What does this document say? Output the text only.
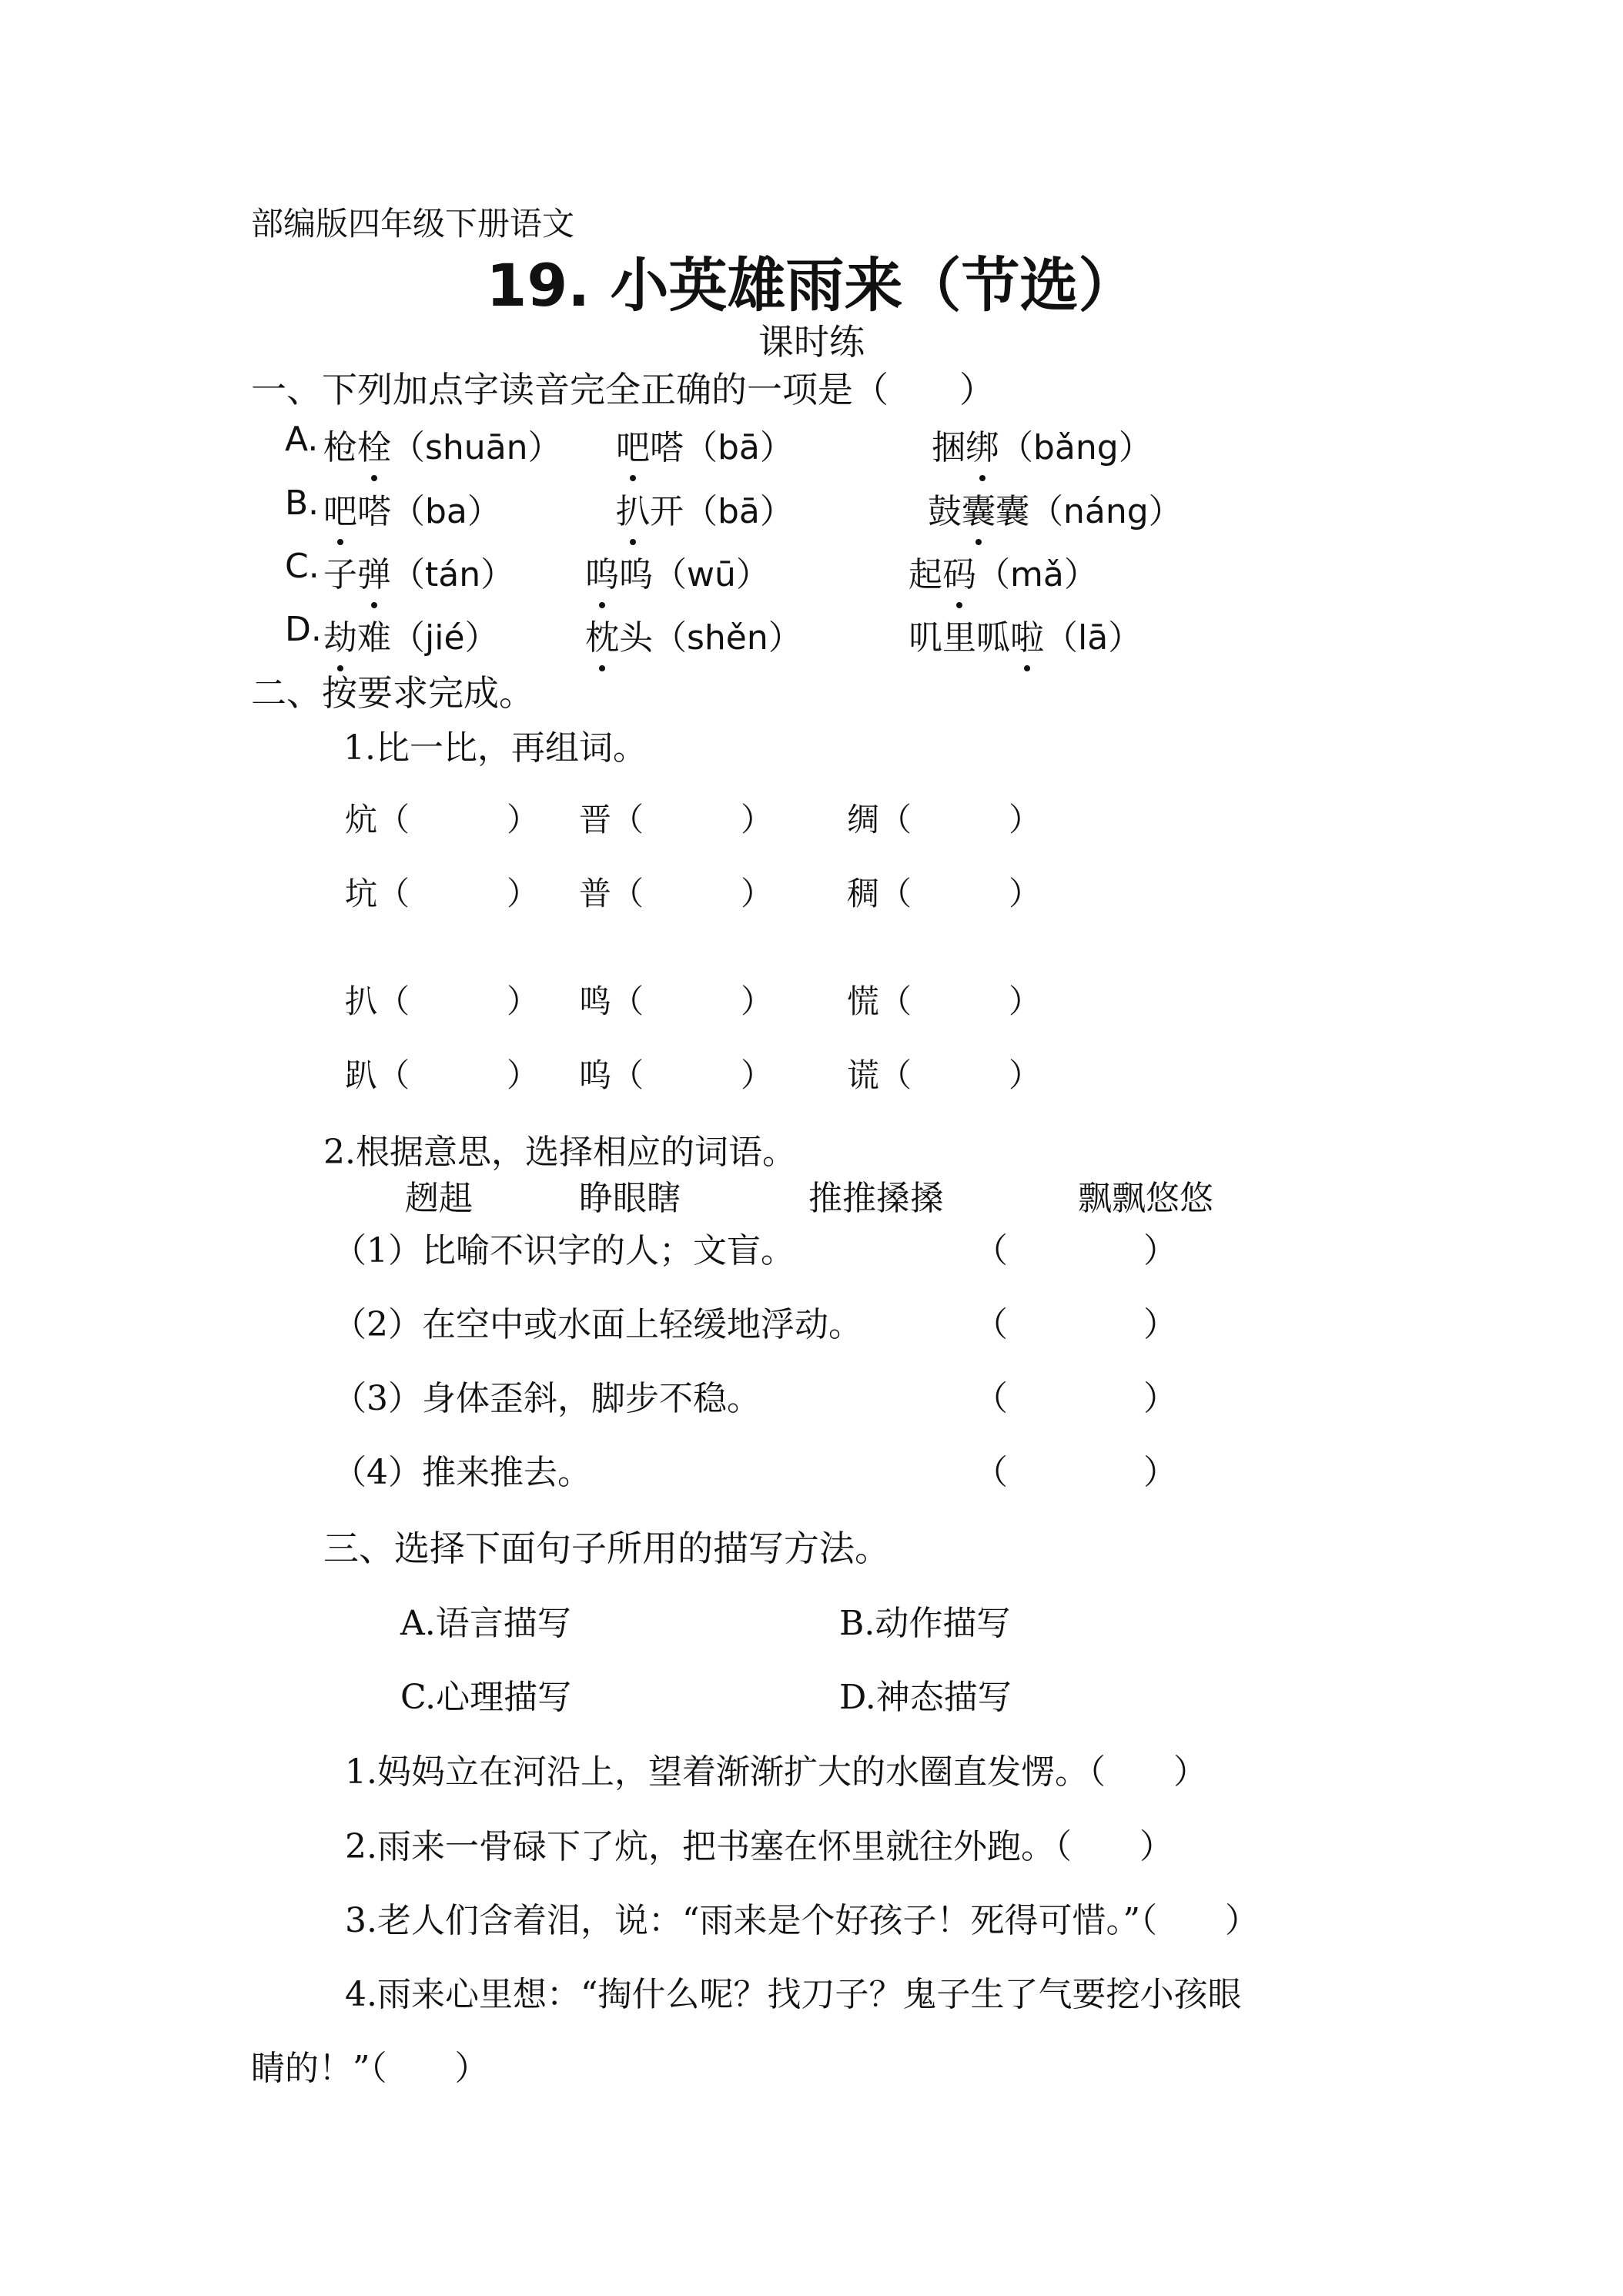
部编版四年级下册语文
19. 小英雄雨来（节选）
课时练
一、下列加点字读音完全正确的一项是（　　）
A. 枪栓（shuān） 吧嗒（bā）	捆绑（bǎng）
B. 吧嗒（ba）	扒开（bā）	鼓囊囊（náng）
C. 子弹（tán） 呜呜（wū）	起码（mǎ）
D. 劫难（jié）	枕头（shěn）	叽里呱啦（lā）
二、按要求完成。
1.比一比，再组词。
炕（　　　） 晋（　　　） 绸（　　　）
坑（　　　） 普（　　　） 稠（　　　）
扒（　　　） 鸣（　　　） 慌（　　　）
趴（　　　） 呜（　　　） 谎（　　　）
2.根据意思，选择相应的词语。
趔趄	睁眼瞎	推推搡搡	飘飘悠悠
（1）比喻不识字的人；文盲。	（　　　　）
（2）在空中或水面上轻缓地浮动。	（　　　　）
（3）身体歪斜，脚步不稳。	（　　　　）
（4）推来推去。	（　　　　）
三、选择下面句子所用的描写方法。
A.语言描写	B.动作描写
C.心理描写	D.神态描写
1.妈妈立在河沿上，望着渐渐扩大的水圈直发愣。（　　）
2.雨来一骨碌下了炕，把书塞在怀里就往外跑。（　　）
3.老人们含着泪，说：“雨来是个好孩子！死得可惜。”（　　）
4.雨来心里想：“掏什么呢？找刀子？鬼子生了气要挖小孩眼
睛的！”（　　）
